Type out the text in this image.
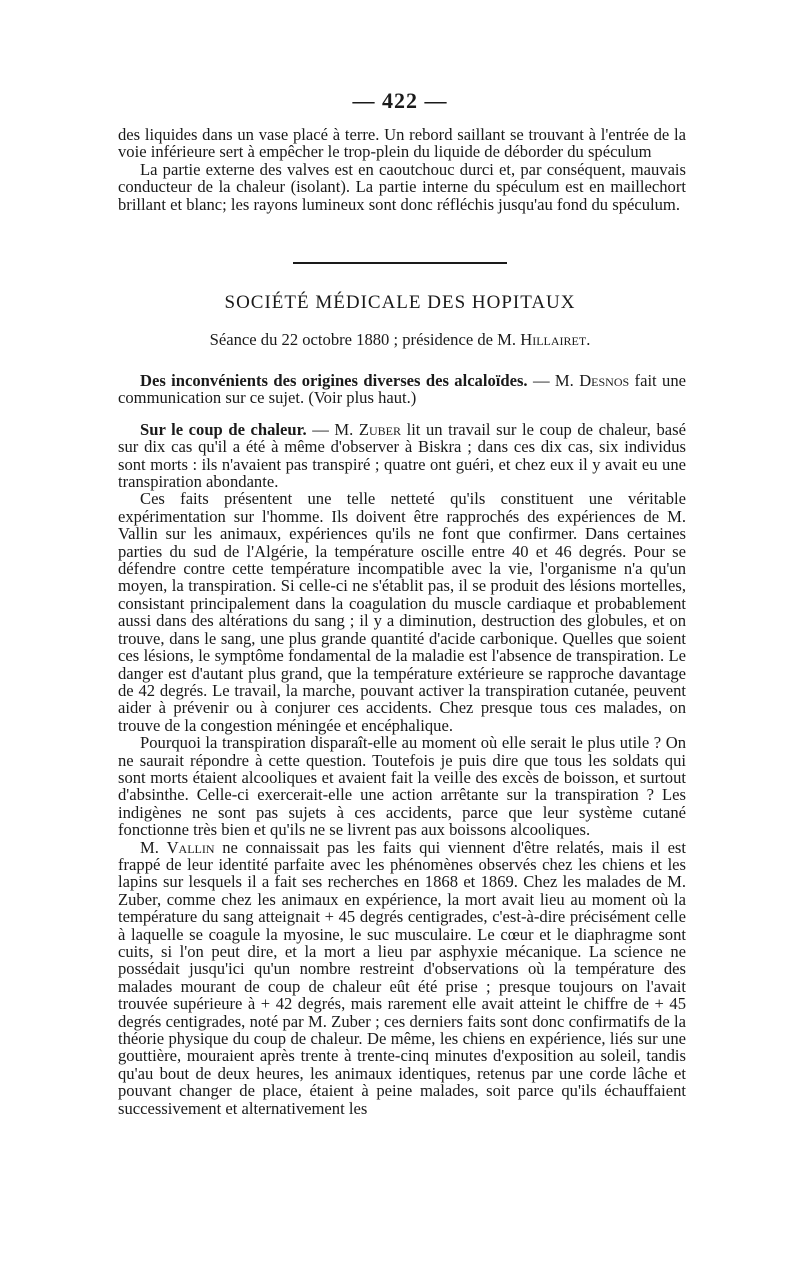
— 422 —

des liquides dans un vase placé à terre. Un rebord saillant se trouvant à l'entrée de la voie inférieure sert à empêcher le trop-plein du liquide de déborder du spéculum

La partie externe des valves est en caoutchouc durci et, par conséquent, mauvais conducteur de la chaleur (isolant). La partie interne du spéculum est en maillechort brillant et blanc; les rayons lumineux sont donc réfléchis jusqu'au fond du spéculum.

SOCIÉTÉ MÉDICALE DES HOPITAUX
Séance du 22 octobre 1880 ; présidence de M. Hillairet.

Des inconvénients des origines diverses des alcaloïdes. — M. Desnos fait une communication sur ce sujet. (Voir plus haut.)

Sur le coup de chaleur. — M. Zuber lit un travail sur le coup de chaleur, basé sur dix cas qu'il a été à même d'observer à Biskra ; dans ces dix cas, six individus sont morts : ils n'avaient pas transpiré ; quatre ont guéri, et chez eux il y avait eu une transpiration abondante.

Ces faits présentent une telle netteté qu'ils constituent une véritable expérimentation sur l'homme. Ils doivent être rapprochés des expériences de M. Vallin sur les animaux, expériences qu'ils ne font que confirmer. Dans certaines parties du sud de l'Algérie, la température oscille entre 40 et 46 degrés. Pour se défendre contre cette température incompatible avec la vie, l'organisme n'a qu'un moyen, la transpiration. Si celle-ci ne s'établit pas, il se produit des lésions mortelles, consistant principalement dans la coagulation du muscle cardiaque et probablement aussi dans des altérations du sang ; il y a diminution, destruction des globules, et on trouve, dans le sang, une plus grande quantité d'acide carbonique. Quelles que soient ces lésions, le symptôme fondamental de la maladie est l'absence de transpiration. Le danger est d'autant plus grand, que la température extérieure se rapproche davantage de 42 degrés. Le travail, la marche, pouvant activer la transpiration cutanée, peuvent aider à prévenir ou à conjurer ces accidents. Chez presque tous ces malades, on trouve de la congestion méningée et encéphalique.

Pourquoi la transpiration disparaît-elle au moment où elle serait le plus utile ? On ne saurait répondre à cette question. Toutefois je puis dire que tous les soldats qui sont morts étaient alcooliques et avaient fait la veille des excès de boisson, et surtout d'absinthe. Celle-ci exercerait-elle une action arrêtante sur la transpiration ? Les indigènes ne sont pas sujets à ces accidents, parce que leur système cutané fonctionne très bien et qu'ils ne se livrent pas aux boissons alcooliques.

M. Vallin ne connaissait pas les faits qui viennent d'être relatés, mais il est frappé de leur identité parfaite avec les phénomènes observés chez les chiens et les lapins sur lesquels il a fait ses recherches en 1868 et 1869. Chez les malades de M. Zuber, comme chez les animaux en expérience, la mort avait lieu au moment où la température du sang atteignait + 45 degrés centigrades, c'est-à-dire précisément celle à laquelle se coagule la myosine, le suc musculaire. Le cœur et le diaphragme sont cuits, si l'on peut dire, et la mort a lieu par asphyxie mécanique. La science ne possédait jusqu'ici qu'un nombre restreint d'observations où la température des malades mourant de coup de chaleur eût été prise ; presque toujours on l'avait trouvée supérieure à + 42 degrés, mais rarement elle avait atteint le chiffre de + 45 degrés centigrades, noté par M. Zuber ; ces derniers faits sont donc confirmatifs de la théorie physique du coup de chaleur. De même, les chiens en expérience, liés sur une gouttière, mouraient après trente à trente-cinq minutes d'exposition au soleil, tandis qu'au bout de deux heures, les animaux identiques, retenus par une corde lâche et pouvant changer de place, étaient à peine malades, soit parce qu'ils échauffaient successivement et alternativement les
